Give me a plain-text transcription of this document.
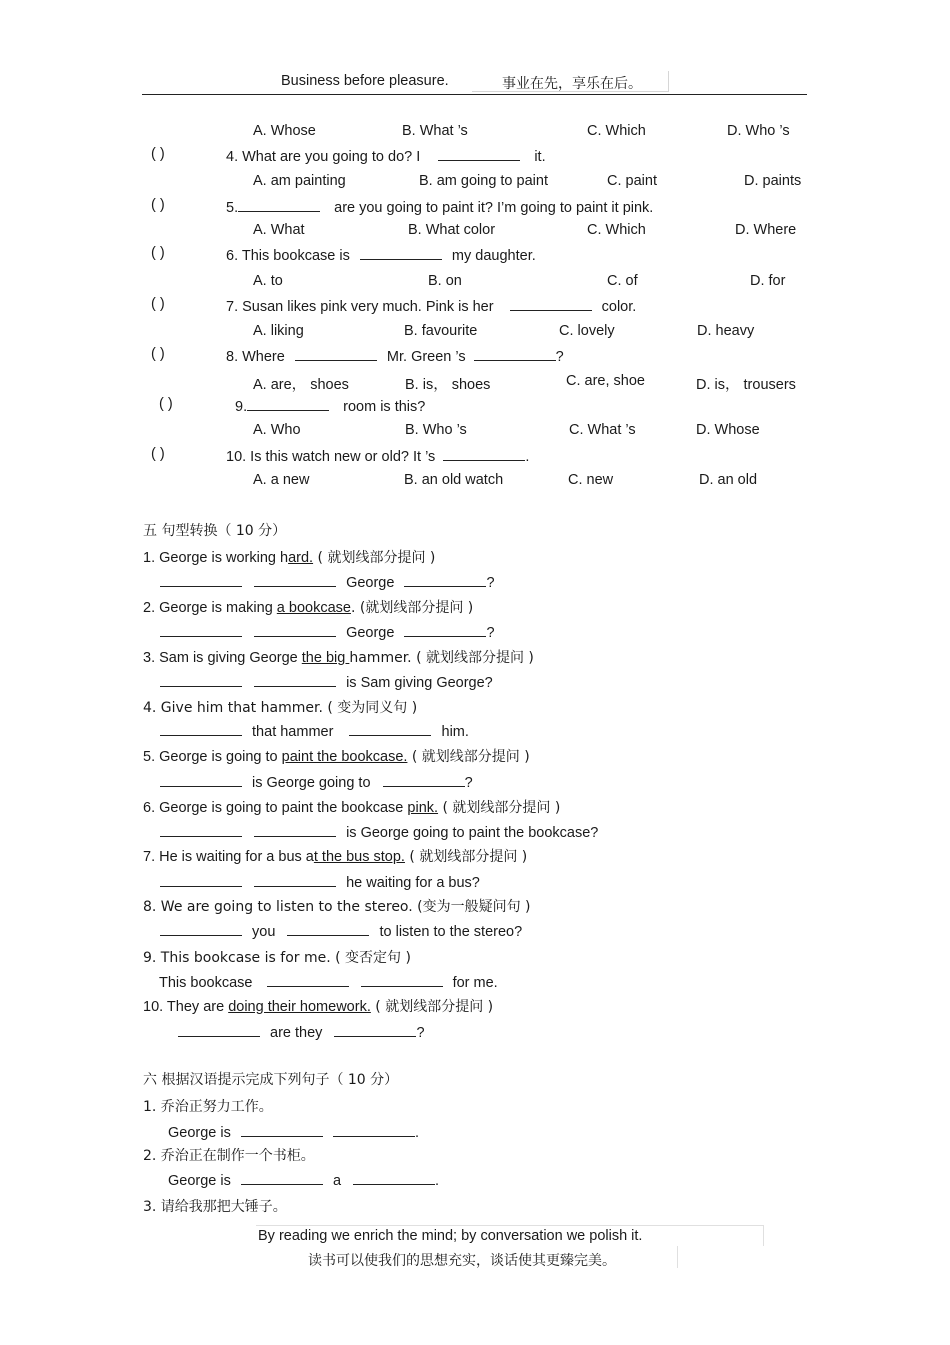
Business before pleasure.	事业在先，享乐在后。
A. Whose	B. What ’s	C. Which	D. Who ’s
( )	4. What are you going to do? I	it.
A. am painting	B. am going to paint	C. paint	D. paints
( )	5.	are you going to paint it? I’m going to paint it pink.
A. What	B. What color	C. Which	D. Where
( )	6. This bookcase is	my daughter.
A. to	B. on	C. of	D. for
( )	7. Susan likes pink very much. Pink is her	color.
A. liking	B. favourite	C. lovely	D. heavy
( )	8. Where	Mr. Green ’s	?
A. are， shoes	B. is， shoes	C. are, shoe	D. is， trousers
( )	9.	room is this?
A. Who	B. Who ’s	C. What ’s	D. Whose
( )	10. Is this watch new or old? It ’s	.
A. a new	B. an old watch	C. new	D. an old
五 句型转换（ 10 分）
1. George is working hard. ( 就划线部分提问 )
George	?
2. George is making a bookcase. (就划线部分提问 )
George	?
3. Sam is giving George the big hammer. ( 就划线部分提问 )
is Sam giving George?
4. Give him that hammer. ( 变为同义句 )
that hammer	him.
5. George is going to paint the bookcase. ( 就划线部分提问 )
is George going to	?
6. George is going to paint the bookcase pink. ( 就划线部分提问 )
is George going to paint the bookcase?
7. He is waiting for a bus at the bus stop. ( 就划线部分提问 )
he waiting for a bus?
8. We are going to listen to the stereo. (变为一般疑问句 )
you	to listen to the stereo?
9. This bookcase is for me. ( 变否定句 )
This bookcase	for me.
10. They are doing their homework. ( 就划线部分提问 )
are they	?
六 根据汉语提示完成下列句子（ 10 分）
1. 乔治正努力工作。
George is	.
2. 乔治正在制作一个书柜。
George is	a	.
3. 请给我那把大锤子。
By reading we enrich the mind; by conversation we polish it.
读书可以使我们的思想充实，谈话使其更臻完美。
